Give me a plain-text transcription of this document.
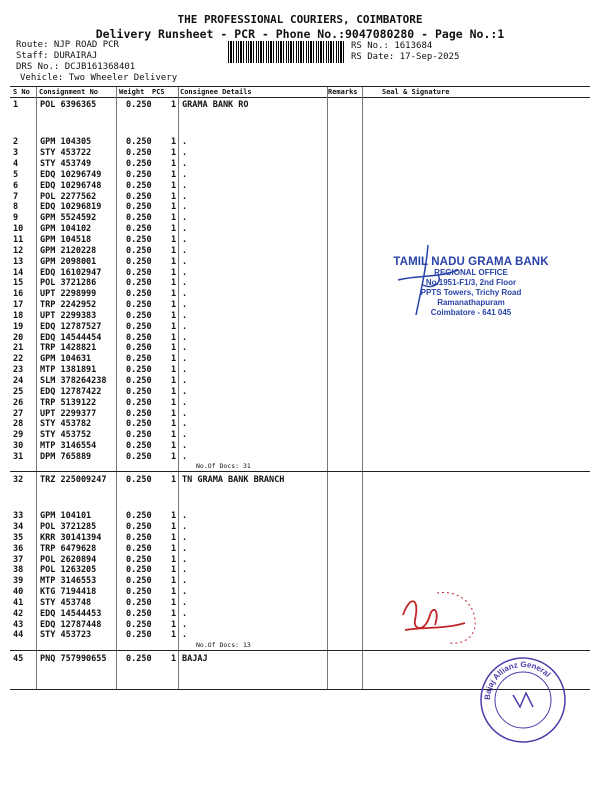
THE PROFESSIONAL COURIERS, COIMBATORE
Delivery Runsheet - PCR - Phone No.:9047080280 - Page No.:1
Route: NJP ROAD PCR
Staff: DURAIRAJ
DRS No.: DCJB161368401
Vehicle: Two Wheeler Delivery
RS No.: 1613684
RS Date: 17-Sep-2025
S No Consignment No	Weight PCS Consignee Details	Remarks	Seal & Signature
1	POL 6396365	0.250 1 GRAMA BANK RO
2	GPM 104305	0.250 1 .
3	STY 453722	0.250 1 .
4	STY 453749	0.250 1 .
5	EDQ 10296749	0.250 1 .
6	EDQ 10296748	0.250 1 .
7	POL 2277562	0.250 1 .
8	EDQ 10296819	0.250 1 .
9	GPM 5524592	0.250 1 .
10 GPM 104102	0.250 1 .
11 GPM 104518	0.250 1 .
12 GPM 2120228	0.250 1 .
13 GPM 2098001	0.250 1 .
14 EDQ 16102947	0.250 1 .
15 POL 3721286	0.250 1 .
16 UPT 2298999	0.250 1 .
17 TRP 2242952	0.250 1 .
18 UPT 2299383	0.250 1 .
19 EDQ 12787527	0.250 1 .
20 EDQ 14544454	0.250 1 .
21 TRP 1428821	0.250 1 .
22 GPM 104631	0.250 1 .
23 MTP 1381891	0.250 1 .
24 SLM 378264238 0.250 1 .
25 EDQ 12787422	0.250 1 .
26 TRP 5139122	0.250 1 .
27 UPT 2299377	0.250 1 .
28 STY 453782	0.250 1 .
29 STY 453752	0.250 1 .
30 MTP 3146554	0.250 1 .
31 DPM 765889	0.250 1 .
No.Of Docs: 31
32 TRZ 225009247 0.250 1 TN GRAMA BANK BRANCH
33 GPM 104101	0.250 1 .
34 POL 3721285	0.250 1 .
35 KRR 30141394	0.250 1 .
36 TRP 6479628	0.250 1 .
37 POL 2620894	0.250 1 .
38 POL 1263205	0.250 1 .
39 MTP 3146553	0.250 1 .
40 KTG 7194418	0.250 1 .
41 STY 453748	0.250 1 .
42 EDQ 14544453	0.250 1 .
43 EDQ 12787448	0.250 1 .
44 STY 453723	0.250 1 .
No.Of Docs: 13
45 PNQ 757990655 0.250 1 BAJAJ
TAMIL NADU GRAMA BANK
REGIONAL OFFICE
No.1951-F1/3, 2nd Floor
PPTS Towers, Trichy Road
Ramanathapuram
Coimbatore - 641 045
Bajaj Allianz General
